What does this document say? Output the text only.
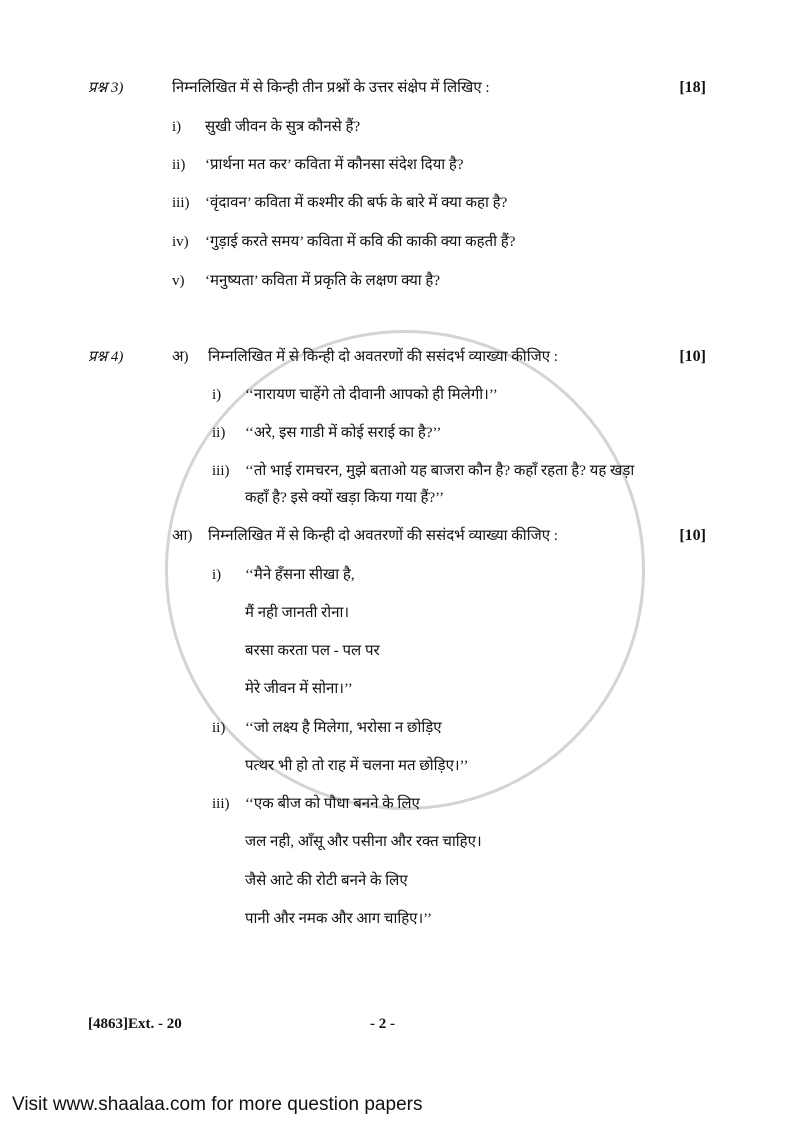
प्रश्न 3)	निम्नलिखित में से किन्ही तीन प्रश्नों के उत्तर संक्षेप में लिखिए :	[18]
i)	सुखी जीवन के सुत्र कौनसे हैं?
ii)	‘प्रार्थना मत कर’ कविता में कौनसा संदेश दिया है?
iii)	‘वृंदावन’ कविता में कश्मीर की बर्फ के बारे में क्या कहा है?
iv)	‘गुड़ाई करते समय’ कविता में कवि की काकी क्या कहती हैं?
v)	‘मनुष्यता’ कविता में प्रकृति के लक्षण क्या है?
प्रश्न 4)	अ)	निम्नलिखित में से किन्ही दो अवतरणों की ससंदर्भ व्याख्या कीजिए :	[10]
i)	‘‘नारायण चाहेंगे तो दीवानी आपको ही मिलेगी।’’
ii)	‘‘अरे, इस गाडी में कोई सराई का है?’’
iii)	‘‘तो भाई रामचरन, मुझे बताओ यह बाजरा कौन है? कहाँ रहता है? यह खड़ा
कहाँ है? इसे क्यों खड़ा किया गया हैं?’’
आ)	निम्नलिखित में से किन्ही दो अवतरणों की ससंदर्भ व्याख्या कीजिए :	[10]
i)	‘‘मैने हँसना सीखा है,
मैं नही जानती रोना।
बरसा करता पल - पल पर
मेरे जीवन में सोना।’’
ii)	‘‘जो लक्ष्य है मिलेगा, भरोसा न छोड़िए
पत्थर भी हो तो राह में चलना मत छोड़िए।’’
iii)	‘‘एक बीज को पौधा बनने के लिए
जल नही, आँसू और पसीना और रक्त चाहिए।
जैसे आटे की रोटी बनने के लिए
पानी और नमक और आग चाहिए।’’
[4863]Ext. - 20	- 2 -
Visit www.shaalaa.com for more question papers
